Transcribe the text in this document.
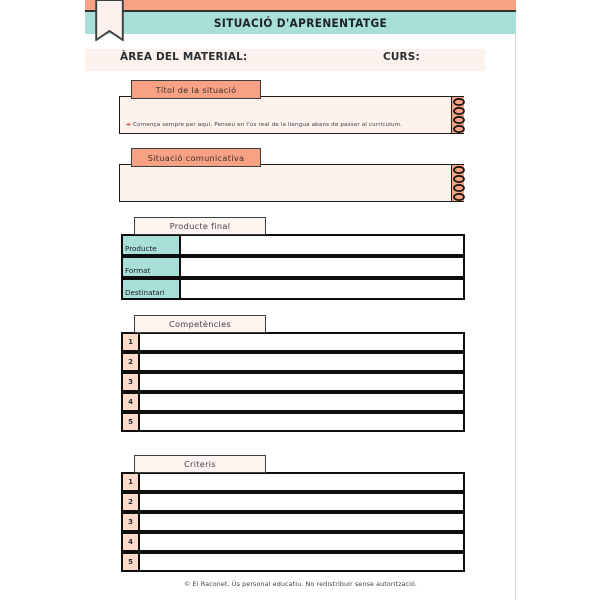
SITUACIÓ D'APRENENTATGE
ÀREA DEL MATERIAL:	CURS:
Títol de la situació
✒ Comença sempre per aquí. Penseu en l'ús real de la llengua abans de passar al currículum.
Situació comunicativa
Producte final
Producte
Format
Destinatari
Competències
1
2
3
4
5
Criteris
1
2
3
4
5
© El Raconet. Ús personal educatiu. No redistribuir sense autorització.
